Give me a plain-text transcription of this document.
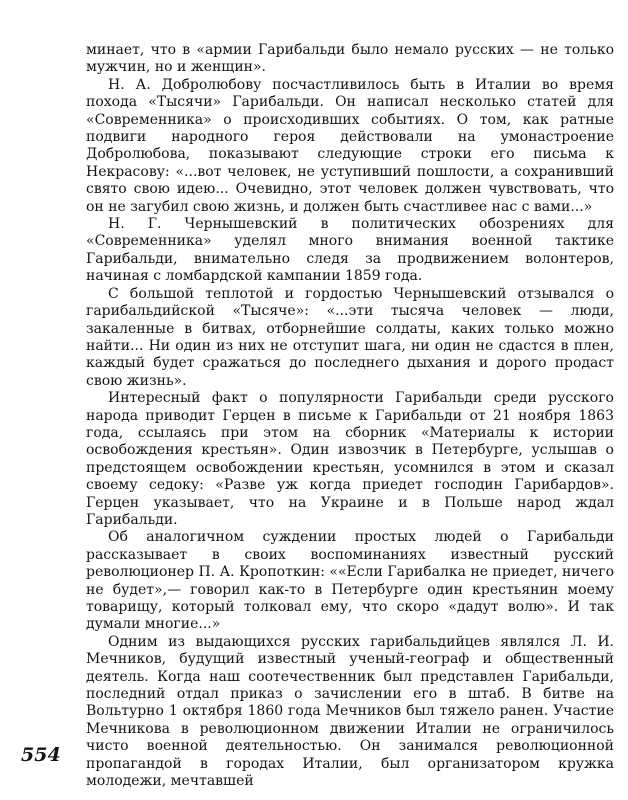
минает, что в «армии Гарибальди было немало русских — не только мужчин, но и женщин».

Н. А. Добролюбову посчастливилось быть в Италии во время похода «Тысячи» Гарибальди. Он написал несколько статей для «Современника» о происходивших событиях. О том, как ратные подвиги народного героя действовали на умонастроение Добролюбова, показывают следующие строки его письма к Некрасову: «...вот человек, не уступивший пошлости, а сохранивший свято свою идею... Очевидно, этот человек должен чувствовать, что он не загубил свою жизнь, и должен быть счастливее нас с вами...»

Н. Г. Чернышевский в политических обозрениях для «Современника» уделял много внимания военной тактике Гарибальди, внимательно следя за продвижением волонтеров, начиная с ломбардской кампании 1859 года.

С большой теплотой и гордостью Чернышевский отзывался о гарибальдийской «Тысяче»: «...эти тысяча человек — люди, закаленные в битвах, отборнейшие солдаты, каких только можно найти... Ни один из них не отступит шага, ни один не сдастся в плен, каждый будет сражаться до последнего дыхания и дорого продаст свою жизнь».

Интересный факт о популярности Гарибальди среди русского народа приводит Герцен в письме к Гарибальди от 21 ноября 1863 года, ссылаясь при этом на сборник «Материалы к истории освобождения крестьян». Один извозчик в Петербурге, услышав о предстоящем освобождении крестьян, усомнился в этом и сказал своему седоку: «Разве уж когда приедет господин Гарибардов». Герцен указывает, что на Украине и в Польше народ ждал Гарибальди.

Об аналогичном суждении простых людей о Гарибальди рассказывает в своих воспоминаниях известный русский революционер П. А. Кропоткин: ««Если Гарибалка не приедет, ничего не будет»,— говорил как-то в Петербурге один крестьянин моему товарищу, который толковал ему, что скоро «дадут волю». И так думали многие...»

Одним из выдающихся русских гарибальдийцев являлся Л. И. Мечников, будущий известный ученый-географ и общественный деятель. Когда наш соотечественник был представлен Гарибальди, последний отдал приказ о зачислении его в штаб. В битве на Вольтурно 1 октября 1860 года Мечников был тяжело ранен. Участие Мечникова в революционном движении Италии не ограничилось чисто военной деятельностью. Он занимался революционной пропагандой в городах Италии, был организатором кружка молодежи, мечтавшей

554
